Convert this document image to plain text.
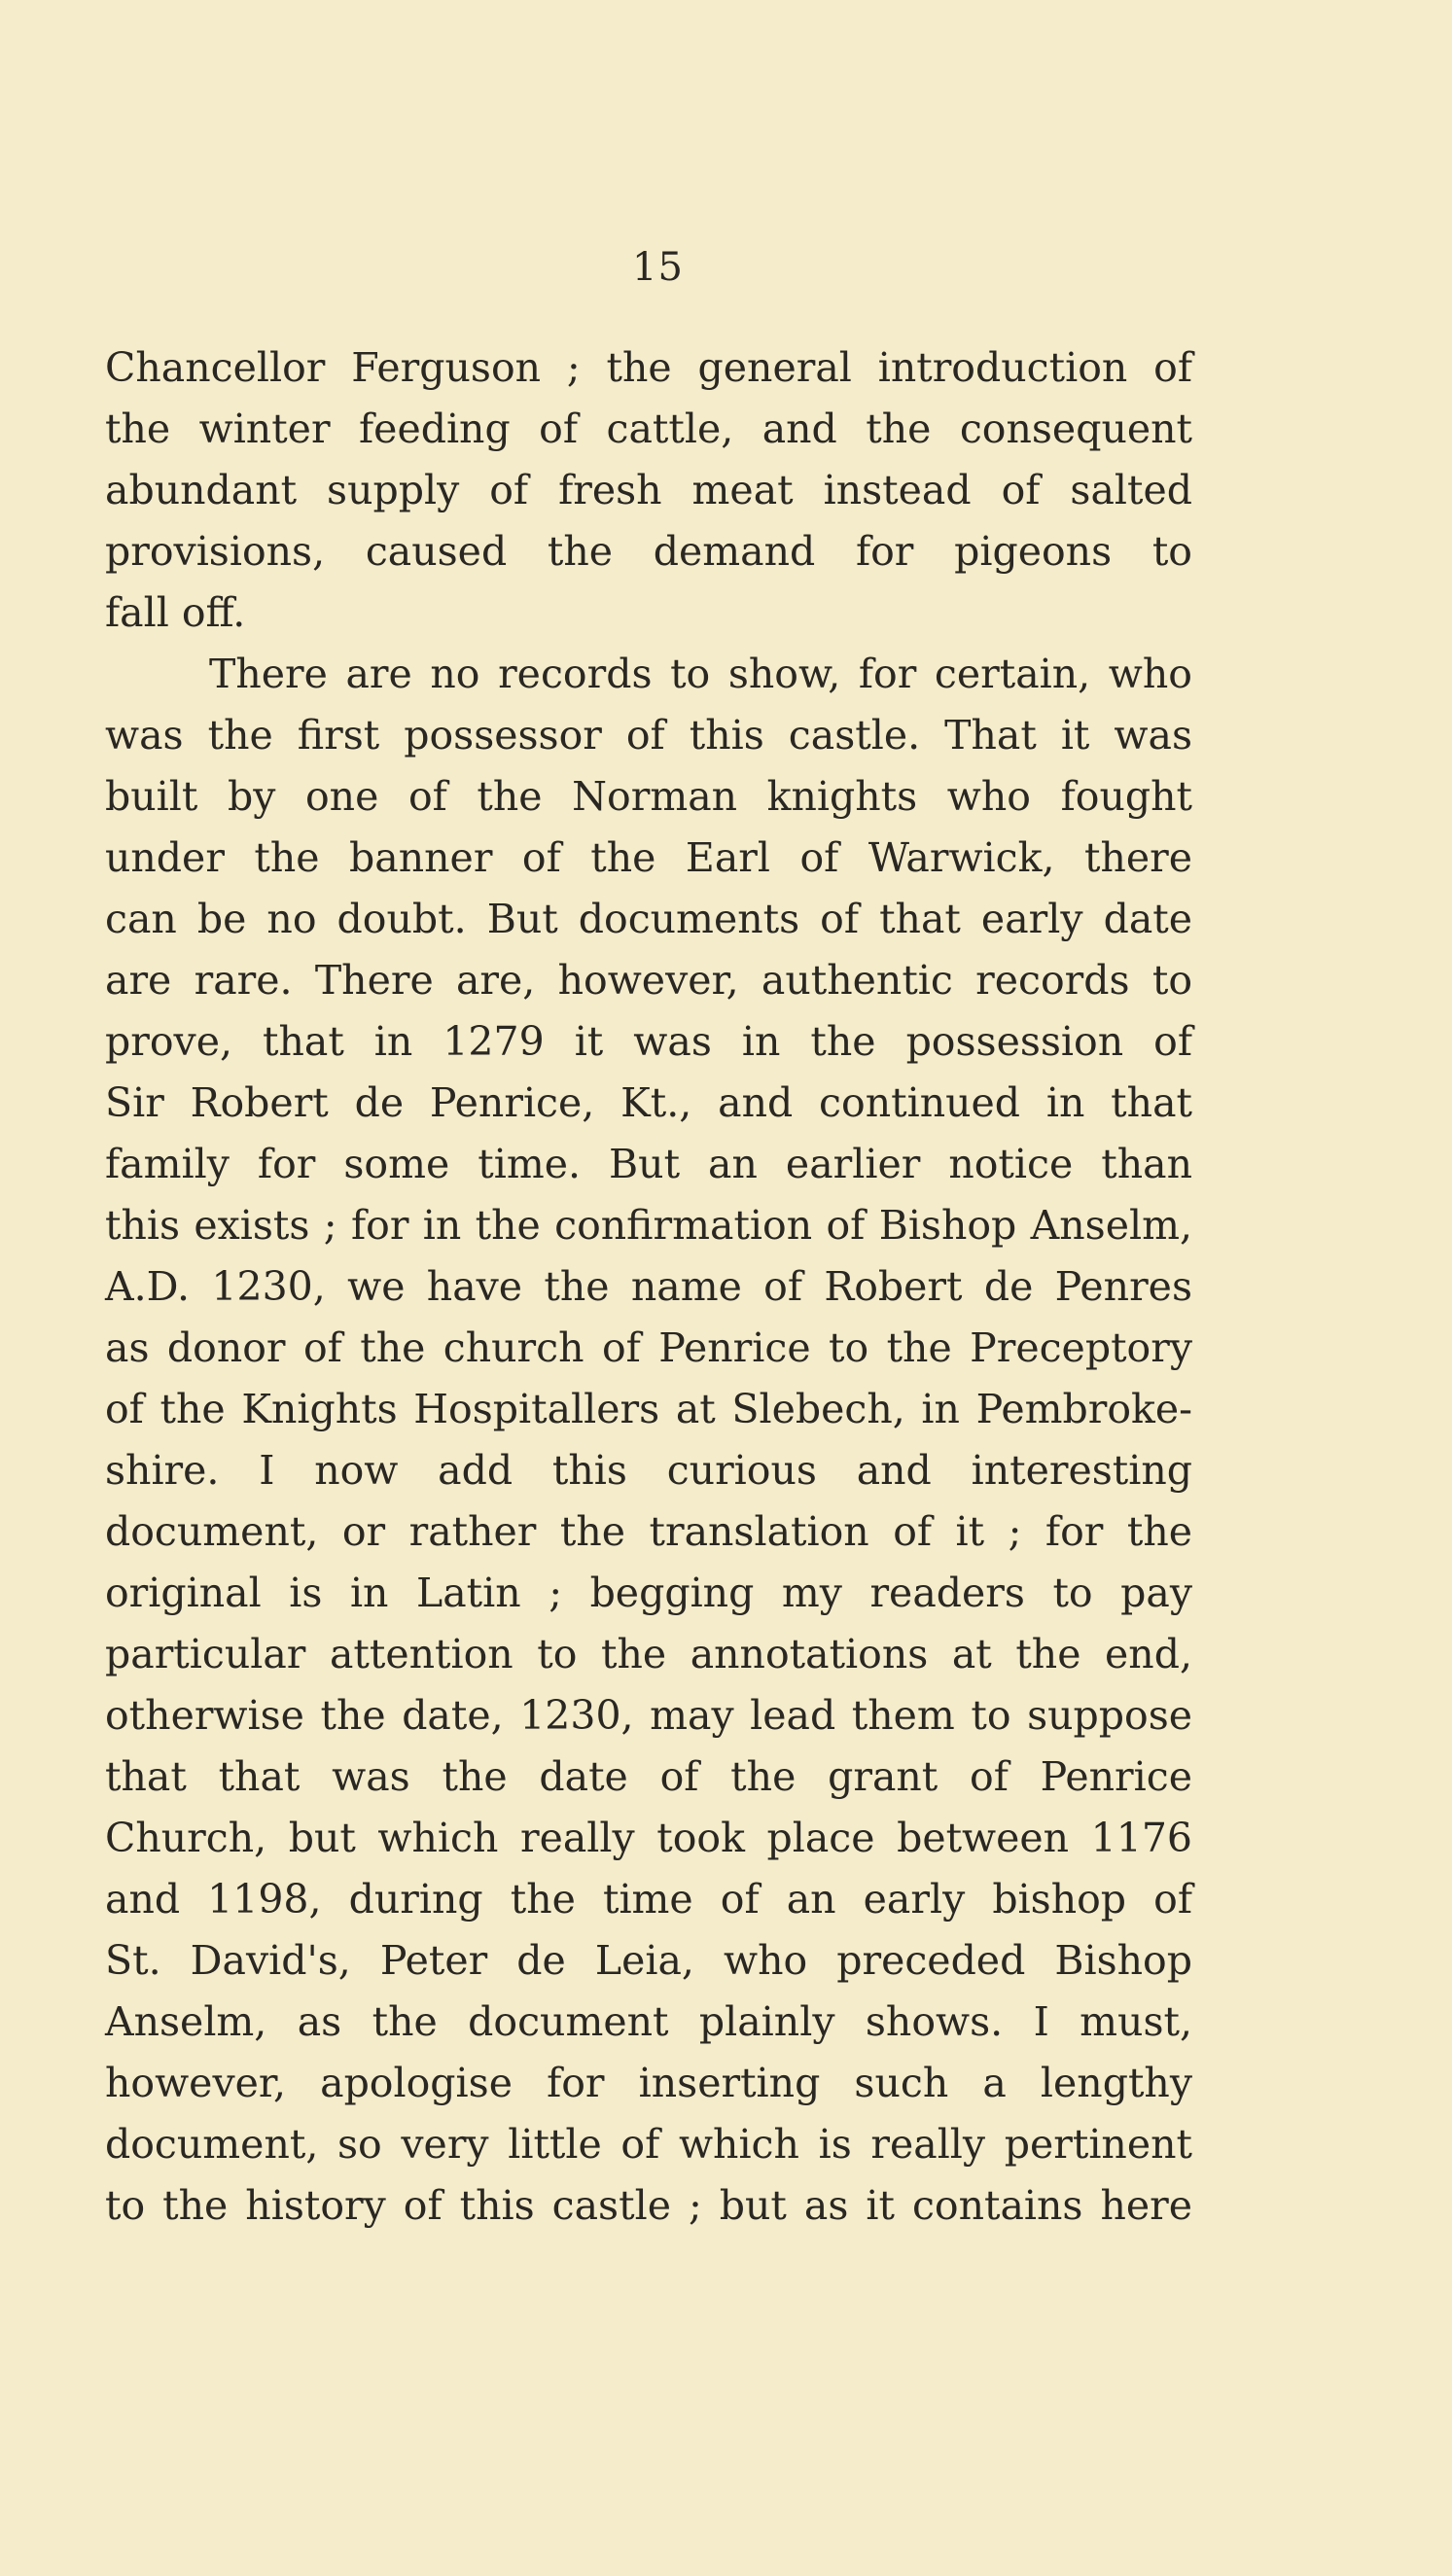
15
Chancellor Ferguson ; the general introduction of
the winter feeding of cattle, and the consequent
abundant supply of fresh meat instead of salted
provisions, caused the demand for pigeons to
fall off.
There are no records to show, for certain, who
was the first possessor of this castle. That it was
built by one of the Norman knights who fought
under the banner of the Earl of Warwick, there
can be no doubt. But documents of that early date
are rare. There are, however, authentic records to
prove, that in 1279 it was in the possession of
Sir Robert de Penrice, Kt., and continued in that
family for some time. But an earlier notice than
this exists ; for in the confirmation of Bishop Anselm,
A.D. 1230, we have the name of Robert de Penres
as donor of the church of Penrice to the Preceptory
of the Knights Hospitallers at Slebech, in Pembroke-
shire. I now add this curious and interesting
document, or rather the translation of it ; for the
original is in Latin ; begging my readers to pay
particular attention to the annotations at the end,
otherwise the date, 1230, may lead them to suppose
that that was the date of the grant of Penrice
Church, but which really took place between 1176
and 1198, during the time of an early bishop of
St. David's, Peter de Leia, who preceded Bishop
Anselm, as the document plainly shows. I must,
however, apologise for inserting such a lengthy
document, so very little of which is really pertinent
to the history of this castle ; but as it contains here
